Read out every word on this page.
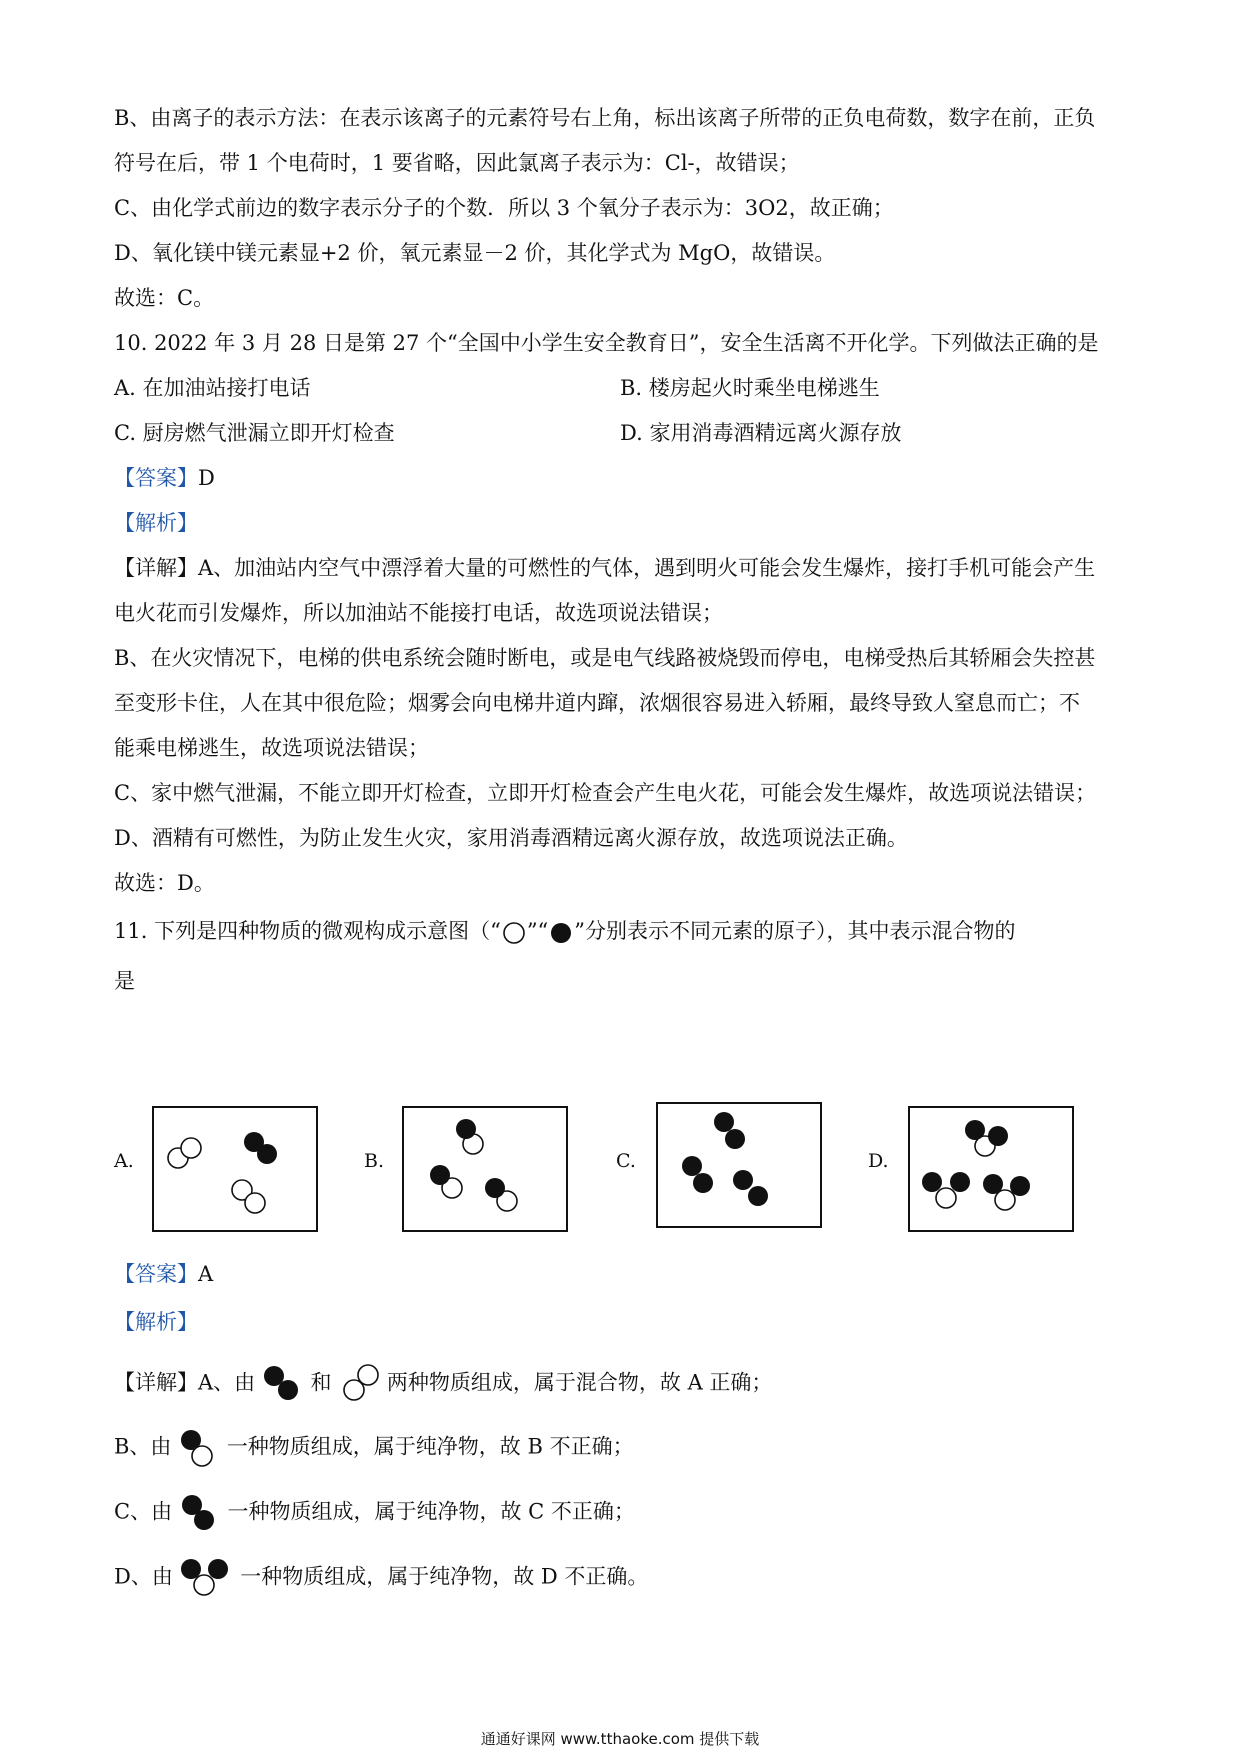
B、由离子的表示方法：在表示该离子的元素符号右上角，标出该离子所带的正负电荷数，数字在前，正负
符号在后，带 1 个电荷时，1 要省略，因此氯离子表示为：Cl-，故错误；
C、由化学式前边的数字表示分子的个数．所以 3 个氧分子表示为：3O2，故正确；
D、氧化镁中镁元素显+2 价，氧元素显－2 价，其化学式为 MgO，故错误。
故选：C。
10. 2022 年 3 月 28 日是第 27 个“全国中小学生安全教育日”，安全生活离不开化学。下列做法正确的是
A. 在加油站接打电话	B. 楼房起火时乘坐电梯逃生
C. 厨房燃气泄漏立即开灯检查	D. 家用消毒酒精远离火源存放
【答案】D
【解析】
【详解】A、加油站内空气中漂浮着大量的可燃性的气体，遇到明火可能会发生爆炸，接打手机可能会产生
电火花而引发爆炸，所以加油站不能接打电话，故选项说法错误；
B、在火灾情况下，电梯的供电系统会随时断电，或是电气线路被烧毁而停电，电梯受热后其轿厢会失控甚
至变形卡住，人在其中很危险；烟雾会向电梯井道内蹿，浓烟很容易进入轿厢，最终导致人窒息而亡；不
能乘电梯逃生，故选项说法错误；
C、家中燃气泄漏，不能立即开灯检查，立即开灯检查会产生电火花，可能会发生爆炸，故选项说法错误；
D、酒精有可燃性，为防止发生火灾，家用消毒酒精远离火源存放，故选项说法正确。
故选：D。
11. 下列是四种物质的微观构成示意图（“ ”“ ”分别表示不同元素的原子），其中表示混合物的
是
A.	B.	C.	D.
【答案】A
【解析】
【详解】A、由	和	两种物质组成，属于混合物，故 A 正确；
B、由	一种物质组成，属于纯净物，故 B 不正确；
C、由	一种物质组成，属于纯净物，故 C 不正确；
D、由	一种物质组成，属于纯净物，故 D 不正确。
通通好课网 www.tthaoke.com 提供下载
